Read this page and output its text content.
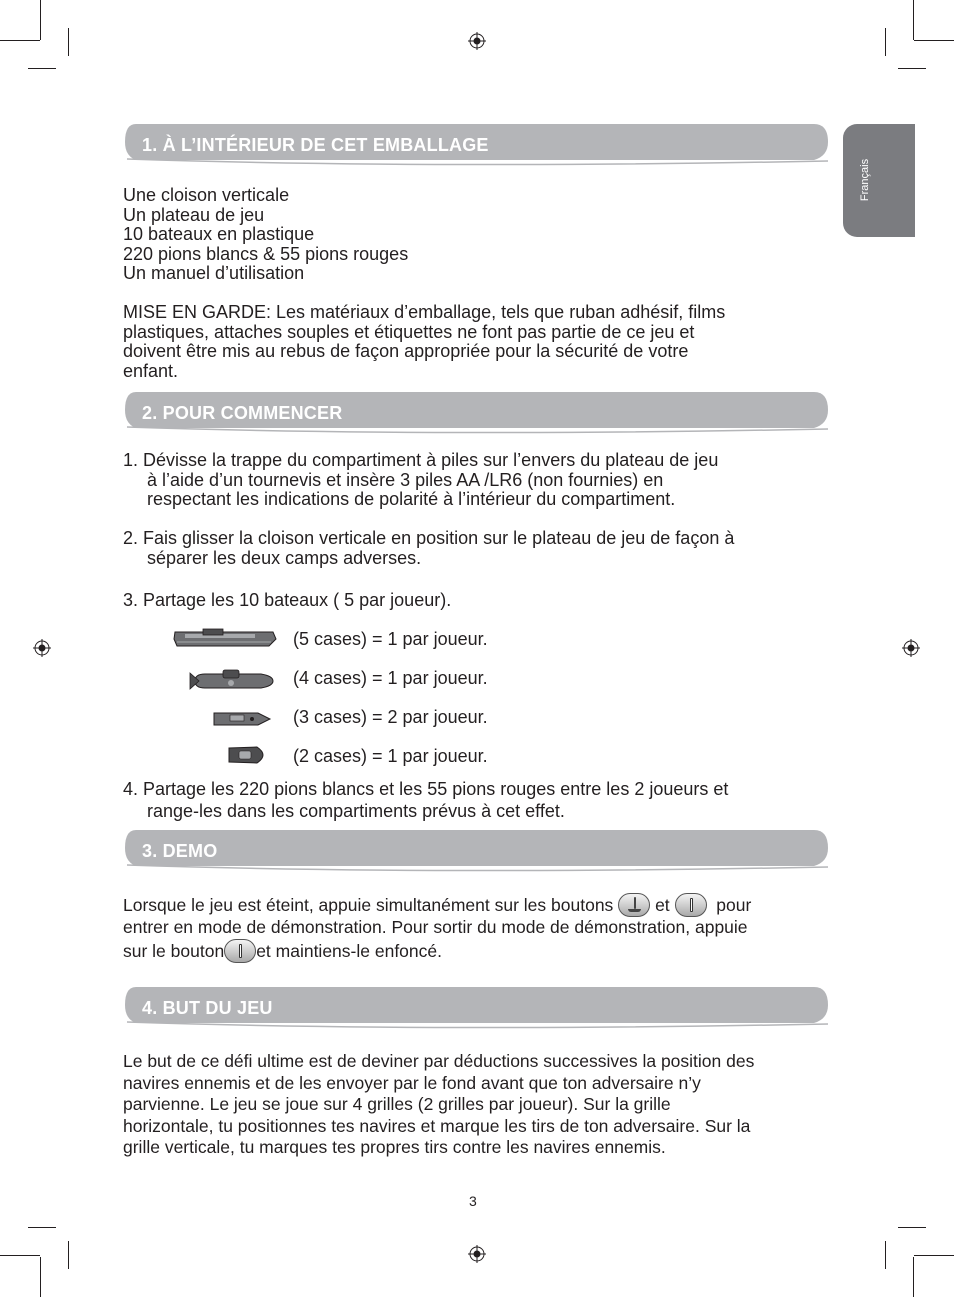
Français
1. À L’INTÉRIEUR DE CET EMBALLAGE
Une cloison verticale
Un plateau de jeu
10 bateaux en plastique
220 pions blancs & 55 pions rouges
Un manuel d’utilisation
MISE EN GARDE: Les matériaux d’emballage, tels que ruban adhésif, films
plastiques, attaches souples et étiquettes ne font pas partie de ce jeu et
doivent être mis au rebus de façon appropriée pour la sécurité de votre
enfant.
2. POUR COMMENCER
1. Dévisse la trappe du compartiment à piles sur l’envers du plateau de jeu
à l’aide d’un tournevis et insère 3 piles AA /LR6 (non fournies) en
respectant les indications de polarité à l’intérieur du compartiment.
2. Fais glisser la cloison verticale en position sur le plateau de jeu de façon à
séparer les deux camps adverses.
3. Partage les 10 bateaux ( 5 par joueur).
(5 cases) = 1 par joueur.
(4 cases) = 1 par joueur.
(3 cases) = 2 par joueur.
(2 cases) = 1 par joueur.
4. Partage les 220 pions blancs et les 55 pions rouges entre les 2 joueurs et
range-les dans les compartiments prévus à cet effet.
3. DEMO
Lorsque le jeu est éteint, appuie simultanément sur les boutons et	pour
entrer en mode de démonstration. Pour sortir du mode de démonstration, appuie
sur le bouton et maintiens-le enfoncé.
4. BUT DU JEU
Le but de ce défi ultime est de deviner par déductions successives la position des
navires ennemis et de les envoyer par le fond avant que ton adversaire n’y
parvienne. Le jeu se joue sur 4 grilles (2 grilles par joueur). Sur la grille
horizontale, tu positionnes tes navires et marque les tirs de ton adversaire. Sur la
grille verticale, tu marques tes propres tirs contre les navires ennemis.
3
